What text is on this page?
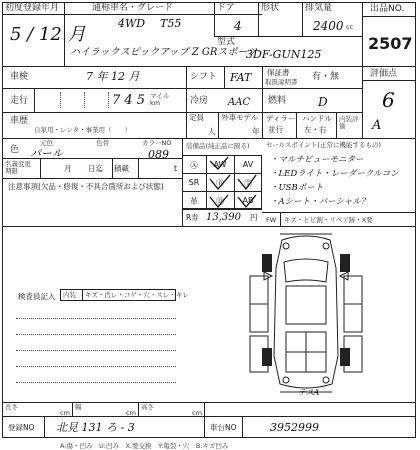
初度登録年月
5 / 12 月
通称車名・グレード
4WD T55
ハイラックスピックアップ Z GRスポーツ
ドア
4
形状	排気量
2400 cc
型式
3DF-GUN125
出品NO.
2507
車検	7 年 12 月	シフト FAT 保証書
取扱説明書 有・無	評価点
6
走行	7 4 5 マイル km	冷房 AAC 燃料	D
車歴
自家用・レンタ・事業用（　　）
定員
人
外車モデル
年
ディラー
並行
ハンドル
左・右
内装評価	A
色
元色	色替	カラーNO
パール	089
名義変更期限	月 日迄 積載	t
注意事項(欠品・修復・不具合箇所および状態)
装備品(純正品に限る)
Ⓐ	AW	AV
SR	Ⓟ	Ⓣ
革	Ⓓ	AB
R券 13,390 円
セールスポイント(正常に機能するもの)
・マルチビューモニター
・LEDライト・レーダークルコン
・USBポート
・Aシート・パーシャル？
FW キズ・ヒビ割・リペア跡・X要
検査員記入 内装 キズ・汚レ・コゲ・穴・スレ・キレ
テスA
長さ
cm
幅
cm
高さ
cm
登録NO 北見 131 ろ - 3	車台NO	3952999
A:傷・凹み　U:凹み　X:要交換　Y:亀裂・穴　B:キズ凹み
